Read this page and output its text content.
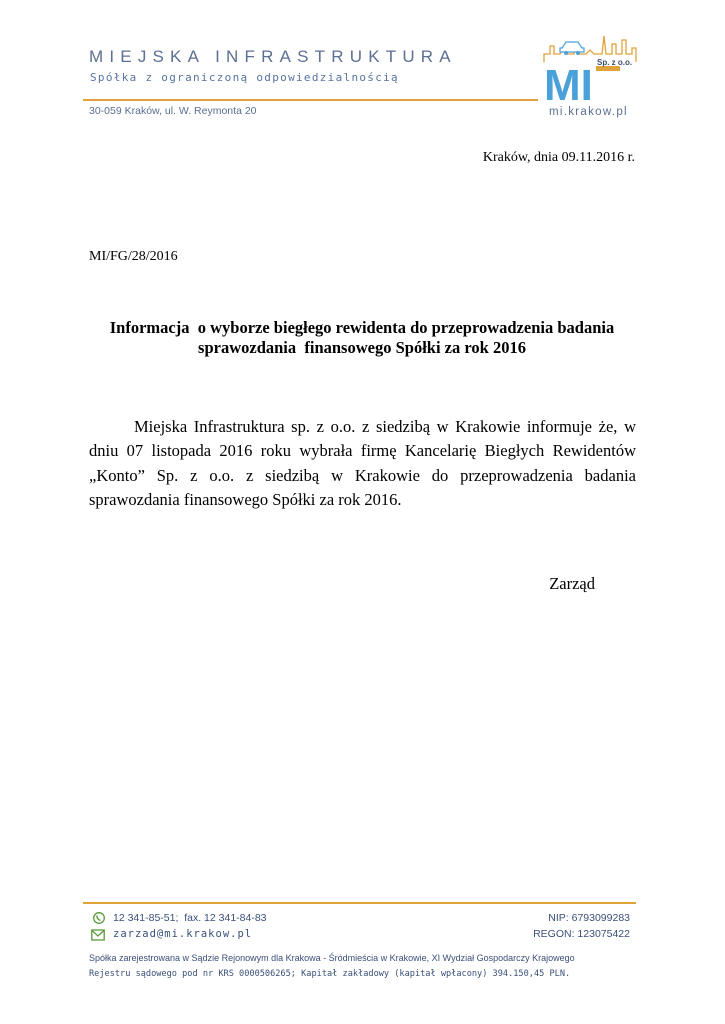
MIEJSKA INFRASTRUKTURA
Spółka z ograniczoną odpowiedzialnością
30-059 Kraków, ul. W. Reymonta 20
MI Sp. z o.o.
mi.krakow.pl
Kraków, dnia 09.11.2016 r.
MI/FG/28/2016
Informacja  o wyborze biegłego rewidenta do przeprowadzenia badania
sprawozdania  finansowego Spółki za rok 2016
Miejska Infrastruktura sp. z o.o. z siedzibą w Krakowie informuje że, w dniu 07 listopada 2016 roku wybrała firmę Kancelarię Biegłych Rewidentów „Konto” Sp. z o.o. z siedzibą w Krakowie do przeprowadzenia badania sprawozdania finansowego Spółki za rok 2016.
Zarząd
12 341-85-51;  fax. 12 341-84-83
zarzad@mi.krakow.pl
NIP: 6793099283
REGON: 123075422
Spółka zarejestrowana w Sądzie Rejonowym dla Krakowa - Śródmieścia w Krakowie, XI Wydział Gospodarczy Krajowego
Rejestru sądowego pod nr KRS 0000506265; Kapitał zakładowy (kapitał wpłacony) 394.150,45 PLN.
